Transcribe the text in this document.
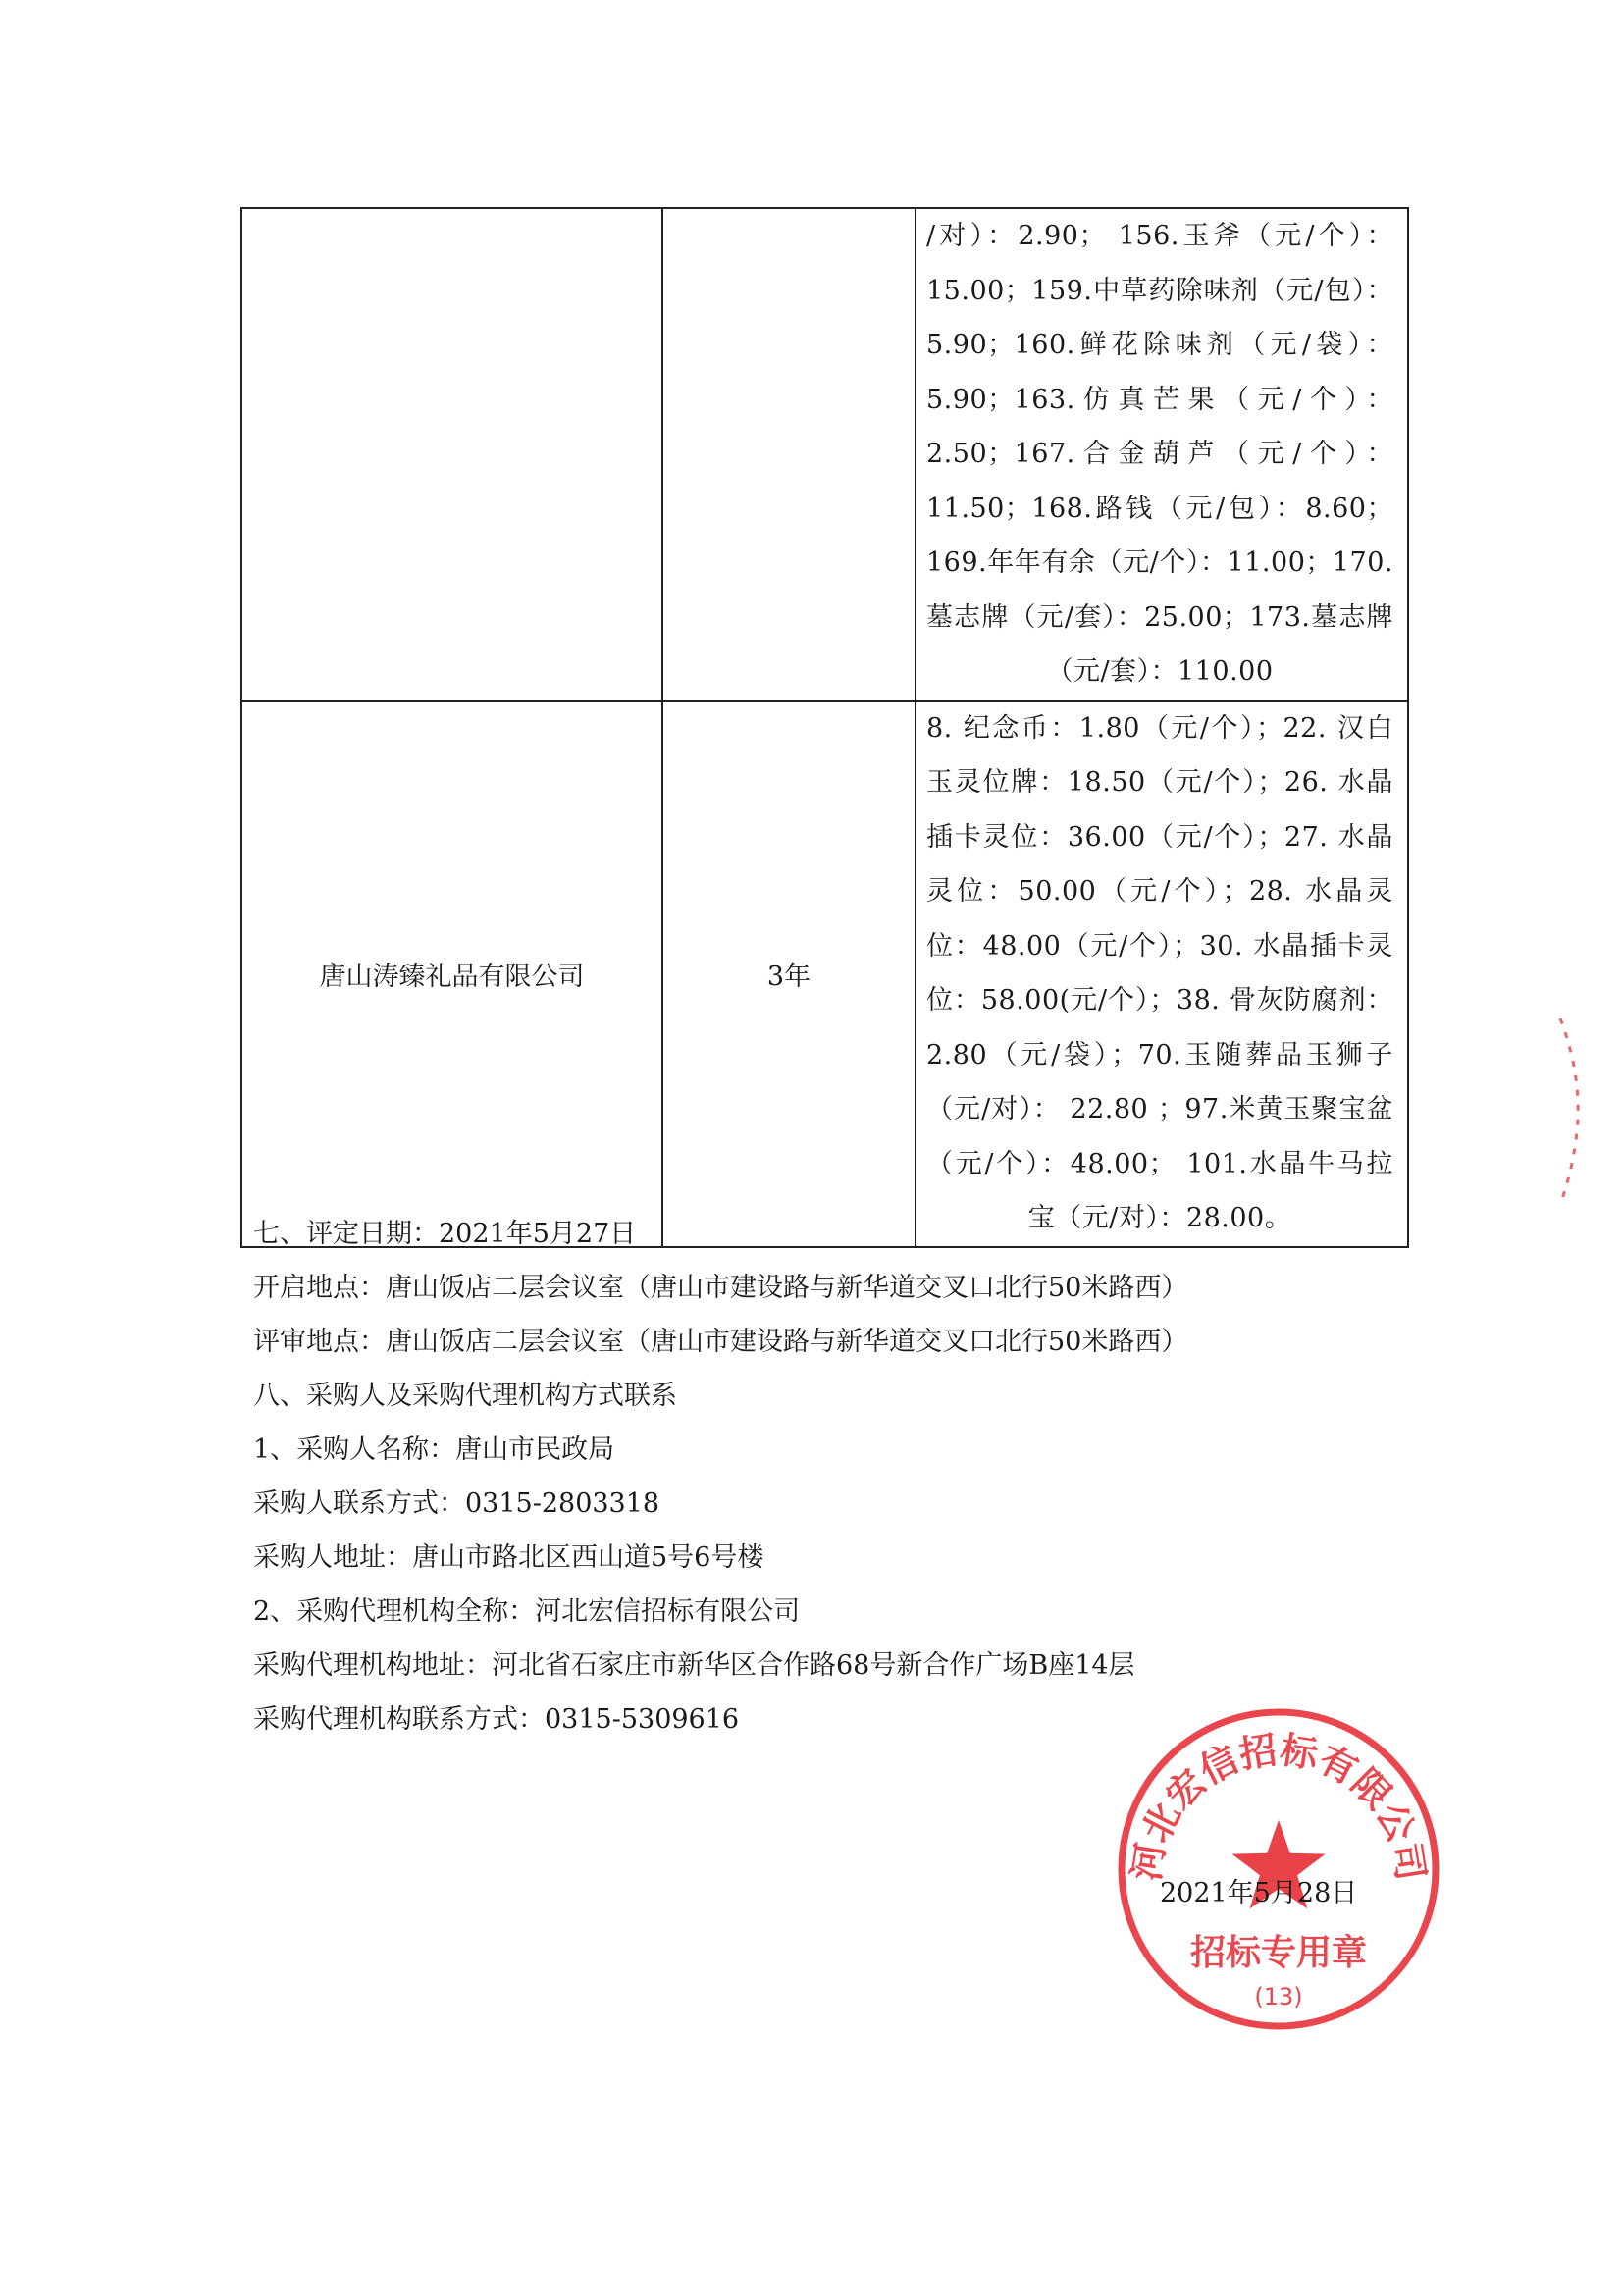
		/对）：2.90； 156.玉斧（元/个）：15.00；159.中草药除味剂（元/包）：5.90；160.鲜花除味剂（元/袋）：5.90；163.仿真芒果（元/个）：2.50；167.合金葫芦（元/个）：11.50；168.路钱（元/包）：8.60；169.年年有余（元/个）：11.00；170.墓志牌（元/套）：25.00；173.墓志牌（元/套）：110.00

唐山涛臻礼品有限公司	3年	8. 纪念币：1.80（元/个）；22. 汉白玉灵位牌：18.50（元/个）；26. 水晶插卡灵位：36.00（元/个）；27. 水晶灵位：50.00（元/个）；28. 水晶灵位：48.00（元/个）；30. 水晶插卡灵位：58.00(元/个）；38. 骨灰防腐剂：2.80（元/袋）；70.玉随葬品玉狮子（元/对）： 22.80 ；97.米黄玉聚宝盆（元/个）：48.00； 101.水晶牛马拉宝（元/对）：28.00。
七、评定日期：2021年5月27日
开启地点：唐山饭店二层会议室（唐山市建设路与新华道交叉口北行50米路西）
评审地点：唐山饭店二层会议室（唐山市建设路与新华道交叉口北行50米路西）
八、采购人及采购代理机构方式联系
1、采购人名称：唐山市民政局
采购人联系方式：0315-2803318
采购人地址：唐山市路北区西山道5号6号楼
2、采购代理机构全称：河北宏信招标有限公司
采购代理机构地址：河北省石家庄市新华区合作路68号新合作广场B座14层
采购代理机构联系方式：0315-5309616
河北宏信招标有限公司
招标专用章
(13)
2021年5月28日
